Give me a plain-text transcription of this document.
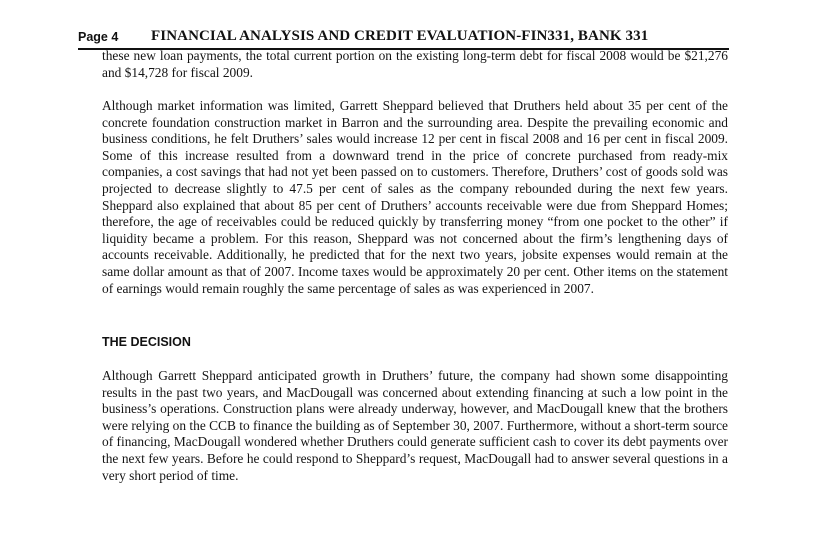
Page 4 FINANCIAL ANALYSIS AND CREDIT EVALUATION-FIN331, BANK 331

these new loan payments, the total current portion on the existing long-term debt for fiscal 2008 would be $21,276 and $14,728 for fiscal 2009.

Although market information was limited, Garrett Sheppard believed that Druthers held about 35 per cent of the concrete foundation construction market in Barron and the surrounding area. Despite the prevailing economic and business conditions, he felt Druthers’ sales would increase 12 per cent in fiscal 2008 and 16 per cent in fiscal 2009. Some of this increase resulted from a downward trend in the price of concrete purchased from ready-mix companies, a cost savings that had not yet been passed on to customers. Therefore, Druthers’ cost of goods sold was projected to decrease slightly to 47.5 per cent of sales as the company rebounded during the next few years. Sheppard also explained that about 85 per cent of Druthers’ accounts receivable were due from Sheppard Homes; therefore, the age of receivables could be reduced quickly by transferring money “from one pocket to the other” if liquidity became a problem. For this reason, Sheppard was not concerned about the firm’s lengthening days of accounts receivable. Additionally, he predicted that for the next two years, jobsite expenses would remain at the same dollar amount as that of 2007. Income taxes would be approximately 20 per cent. Other items on the statement of earnings would remain roughly the same percentage of sales as was experienced in 2007.

THE DECISION

Although Garrett Sheppard anticipated growth in Druthers’ future, the company had shown some disappointing results in the past two years, and MacDougall was concerned about extending financing at such a low point in the business’s operations. Construction plans were already underway, however, and MacDougall knew that the brothers were relying on the CCB to finance the building as of September 30, 2007. Furthermore, without a short-term source of financing, MacDougall wondered whether Druthers could generate sufficient cash to cover its debt payments over the next few years. Before he could respond to Sheppard’s request, MacDougall had to answer several questions in a very short period of time.
